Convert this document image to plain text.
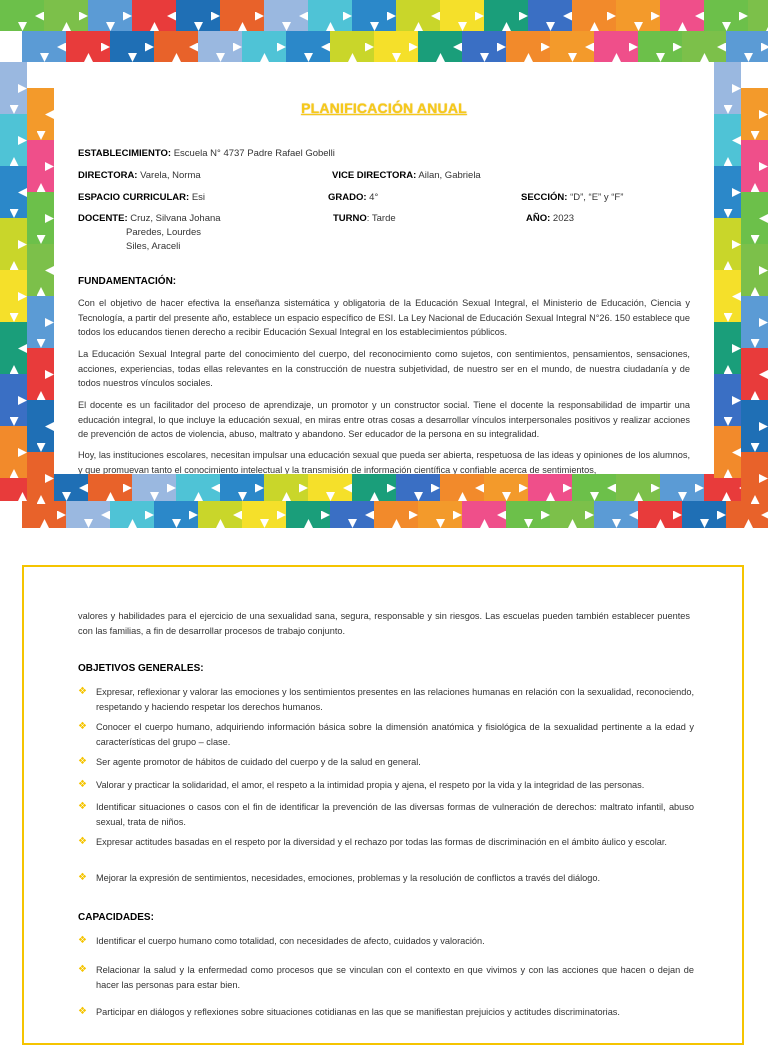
PLANIFICACIÓN ANUAL
ESTABLECIMIENTO: Escuela N° 4737 Padre Rafael Gobelli
DIRECTORA: Varela, Norma	VICE DIRECTORA: Ailan, Gabriela
ESPACIO CURRICULAR: Esi	GRADO: 4°	SECCIÓN: “D”, “E” y “F”
DOCENTE: Cruz, Silvana Johana
Paredes, Lourdes
Siles, Araceli
TURNO: Tarde	AÑO: 2023
FUNDAMENTACIÓN:

Con el objetivo de hacer efectiva la enseñanza sistemática y obligatoria de la Educación Sexual Integral, el Ministerio de Educación, Ciencia y Tecnología, a partir del presente año, establece un espacio específico de ESI. La Ley Nacional de Educación Sexual Integral N°26. 150 establece que todos los educandos tienen derecho a recibir Educación Sexual Integral en los establecimientos públicos.

La Educación Sexual Integral parte del conocimiento del cuerpo, del reconocimiento como sujetos, con sentimientos, pensamientos, sensaciones, acciones, experiencias, todas ellas relevantes en la construcción de nuestra subjetividad, de nuestro ser en el mundo, de nuestra ciudadanía y de todos nuestros vínculos sociales.

El docente es un facilitador del proceso de aprendizaje, un promotor y un constructor social. Tiene el docente la responsabilidad de impartir una educación integral, lo que incluye la educación sexual, en miras entre otras cosas a desarrollar vínculos interpersonales positivos y realizar acciones de prevención de actos de violencia, abuso, maltrato y abandono. Ser educador de la persona en su integralidad.

Hoy, las instituciones escolares, necesitan impulsar una educación sexual que pueda ser abierta, respetuosa de las ideas y opiniones de los alumnos, y que promuevan tanto el conocimiento intelectual y la transmisión de información científica y confiable acerca de sentimientos,

valores y habilidades para el ejercicio de una sexualidad sana, segura, responsable y sin riesgos. Las escuelas pueden también establecer puentes con las familias, a fin de desarrollar procesos de trabajo conjunto.

OBJETIVOS GENERALES:
❖ Expresar, reflexionar y valorar las emociones y los sentimientos presentes en las relaciones humanas en relación con la sexualidad, reconociendo, respetando y haciendo respetar los derechos humanos.
❖ Conocer el cuerpo humano, adquiriendo información básica sobre la dimensión anatómica y fisiológica de la sexualidad pertinente a la edad y características del grupo – clase.
❖ Ser agente promotor de hábitos de cuidado del cuerpo y de la salud en general.
❖ Valorar y practicar la solidaridad, el amor, el respeto a la intimidad propia y ajena, el respeto por la vida y la integridad de las personas.
❖ Identificar situaciones o casos con el fin de identificar la prevención de las diversas formas de vulneración de derechos: maltrato infantil, abuso sexual, trata de niños.
❖ Expresar actitudes basadas en el respeto por la diversidad y el rechazo por todas las formas de discriminación en el ámbito áulico y escolar.
❖ Mejorar la expresión de sentimientos, necesidades, emociones, problemas y la resolución de conflictos a través del diálogo.
CAPACIDADES:
❖ Identificar el cuerpo humano como totalidad, con necesidades de afecto, cuidados y valoración.
❖ Relacionar la salud y la enfermedad como procesos que se vinculan con el contexto en que vivimos y con las acciones que hacen o dejan de hacer las personas para estar bien.
❖ Participar en diálogos y reflexiones sobre situaciones cotidianas en las que se manifiestan prejuicios y actitudes discriminatorias.
